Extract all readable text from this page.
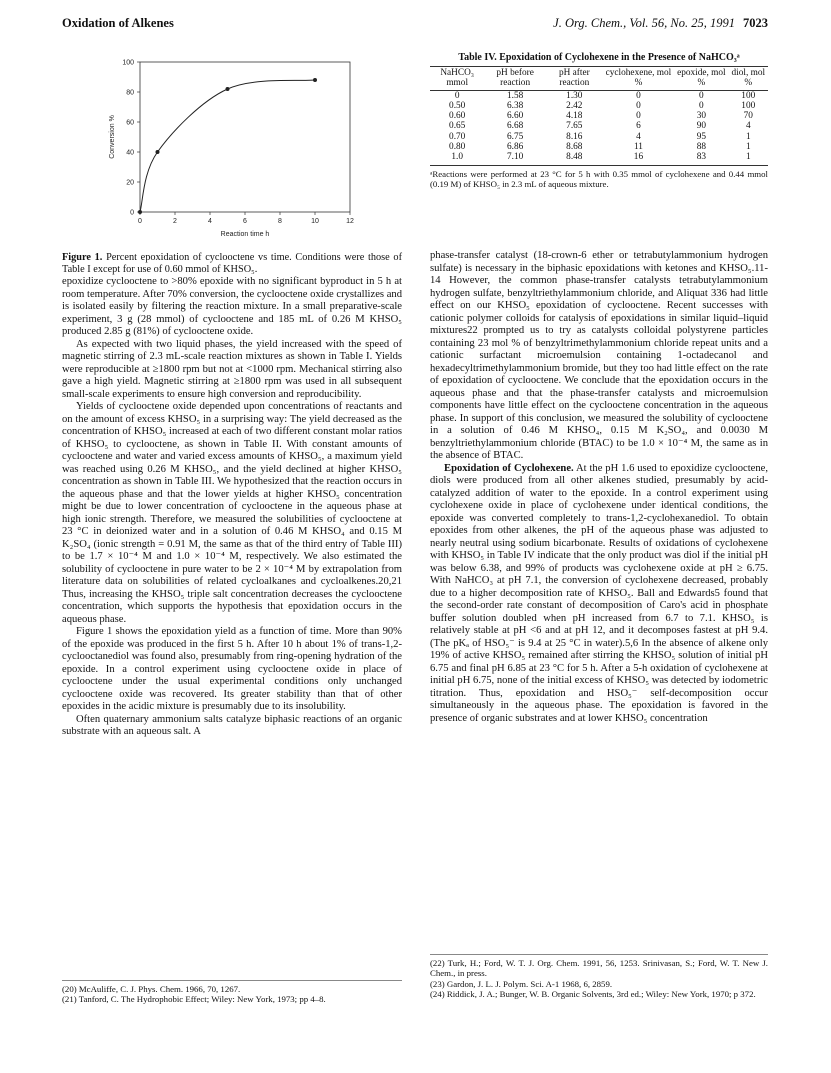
Oxidation of Alkenes	J. Org. Chem., Vol. 56, No. 25, 1991 7023
0	2	4	6	8	10	12
0
20
40
60
80
100
Reaction time h
Conversion %

Figure 1. Percent epoxidation of cyclooctene vs time. Conditions were those of Table I except for use of 0.60 mmol of KHSO₅.

epoxidize cyclooctene to >80% epoxide with no significant byproduct in 5 h at room temperature. After 70% conversion, the cyclooctene oxide crystallizes and is isolated easily by filtering the reaction mixture. In a small preparative-scale experiment, 3 g (28 mmol) of cyclooctene and 185 mL of 0.26 M KHSO₅ produced 2.85 g (81%) of cyclooctene oxide.

As expected with two liquid phases, the yield increased with the speed of magnetic stirring of 2.3 mL-scale reaction mixtures as shown in Table I. Yields were reproducible at ≥1800 rpm but not at <1000 rpm. Mechanical stirring also gave a high yield. Magnetic stirring at ≥1800 rpm was used in all subsequent small-scale experiments to ensure high conversion and reproducibility.

Yields of cyclooctene oxide depended upon concentrations of reactants and on the amount of excess KHSO₅ in a surprising way: The yield decreased as the concentration of KHSO₅ increased at each of two different constant molar ratios of KHSO₅ to cyclooctene, as shown in Table II. With constant amounts of cyclooctene and water and varied excess amounts of KHSO₅, a maximum yield was reached using 0.26 M KHSO₅, and the yield declined at higher KHSO₅ concentration as shown in Table III. We hypothesized that the reaction occurs in the aqueous phase and that the lower yields at higher KHSO₅ concentration might be due to lower concentration of cyclooctene in the aqueous phase at high ionic strength. Therefore, we measured the solubilities of cyclooctene at 23 °C in deionized water and in a solution of 0.46 M KHSO₄ and 0.15 M K₂SO₄ (ionic strength = 0.91 M, the same as that of the third entry of Table III) to be 1.7 × 10⁻⁴ M and 1.0 × 10⁻⁴ M, respectively. We also estimated the solubility of cyclooctene in pure water to be 2 × 10⁻⁴ M by extrapolation from literature data on solubilities of related cycloalkanes and cycloalkenes.20,21 Thus, increasing the KHSO₅ triple salt concentration decreases the cyclooctene concentration, which supports the hypothesis that epoxidation occurs in the aqueous phase.

Figure 1 shows the epoxidation yield as a function of time. More than 90% of the epoxide was produced in the first 5 h. After 10 h about 1% of trans-1,2-cyclooctanediol was found also, presumably from ring-opening hydration of the epoxide. In a control experiment using cyclooctene oxide in place of cyclooctene under the usual experimental conditions only unchanged cyclooctene oxide was recovered. Its greater stability than that of other epoxides in the acidic mixture is presumably due to its insolubility.

Often quaternary ammonium salts catalyze biphasic reactions of an organic substrate with an aqueous salt. A

Table IV. Epoxidation of Cyclohexene in the Presence of NaHCO₃ᵃ
NaHCO₃ mmol	pH before reaction	pH after reaction	cyclohexene, mol %	epoxide, mol %	diol, mol %
0	1.58	1.30	0	0	100
0.50	6.38	2.42	0	0	100
0.60	6.60	4.18	0	30	70
0.65	6.68	7.65	6	90	4
0.70	6.75	8.16	4	95	1
0.80	6.86	8.68	11	88	1
1.0	7.10	8.48	16	83	1
ᵃReactions were performed at 23 °C for 5 h with 0.35 mmol of cyclohexene and 0.44 mmol (0.19 M) of KHSO₅ in 2.3 mL of aqueous mixture.

phase-transfer catalyst (18-crown-6 ether or tetrabutylammonium hydrogen sulfate) is necessary in the biphasic epoxidations with ketones and KHSO₅.11-14 However, the common phase-transfer catalysts tetrabutylammonium hydrogen sulfate, benzyltriethylammonium chloride, and Aliquat 336 had little effect on our KHSO₅ epoxidation of cyclooctene. Recent successes with cationic polymer colloids for catalysis of epoxidations in similar liquid–liquid mixtures22 prompted us to try as catalysts colloidal polystyrene particles containing 23 mol % of benzyltrimethylammonium chloride repeat units and a cationic surfactant microemulsion containing 1-octadecanol and hexadecyltrimethylammonium bromide, but they too had little effect on the rate of epoxidation of cyclooctene. We conclude that the epoxidation occurs in the aqueous phase and that the phase-transfer catalysts and microemulsion components have little effect on the cyclooctene concentration in the aqueous phase. In support of this conclusion, we measured the solubility of cyclooctene in a solution of 0.46 M KHSO₄, 0.15 M K₂SO₄, and 0.0030 M benzyltriethylammonium chloride (BTAC) to be 1.0 × 10⁻⁴ M, the same as in the absence of BTAC.

Epoxidation of Cyclohexene. At the pH 1.6 used to epoxidize cyclooctene, diols were produced from all other alkenes studied, presumably by acid-catalyzed addition of water to the epoxide. In a control experiment using cyclohexene oxide in place of cyclohexene under identical conditions, the epoxide was converted completely to trans-1,2-cyclohexanediol. To obtain epoxides from other alkenes, the pH of the aqueous phase was adjusted to nearly neutral using sodium bicarbonate. Results of oxidations of cyclohexene with KHSO₅ in Table IV indicate that the only product was diol if the initial pH was below 6.38, and 99% of products was cyclohexene oxide at pH ≥ 6.75. With NaHCO₃ at pH 7.1, the conversion of cyclohexene decreased, probably due to a higher decomposition rate of KHSO₅. Ball and Edwards5 found that the second-order rate constant of decomposition of Caro's acid in phosphate buffer solution doubled when pH increased from 6.7 to 7.1. KHSO₅ is relatively stable at pH <6 and at pH 12, and it decomposes fastest at pH 9.4. (The pKₐ of HSO₅⁻ is 9.4 at 25 °C in water).5,6 In the absence of alkene only 19% of active KHSO₅ remained after stirring the KHSO₅ solution of initial pH 6.75 and final pH 6.85 at 23 °C for 5 h. After a 5-h oxidation of cyclohexene at initial pH 6.75, none of the initial excess of KHSO₅ was detected by iodometric titration. Thus, epoxidation and HSO₅⁻ self-decomposition occur simultaneously in the aqueous phase. The epoxidation is favored in the presence of organic substrates and at lower KHSO₅ concentration

(20) McAuliffe, C. J. Phys. Chem. 1966, 70, 1267.

(21) Tanford, C. The Hydrophobic Effect; Wiley: New York, 1973; pp 4–8.

(22) Turk, H.; Ford, W. T. J. Org. Chem. 1991, 56, 1253. Srinivasan, S.; Ford, W. T. New J. Chem., in press.

(23) Gardon, J. L. J. Polym. Sci. A-1 1968, 6, 2859.

(24) Riddick, J. A.; Bunger, W. B. Organic Solvents, 3rd ed.; Wiley: New York, 1970; p 372.
